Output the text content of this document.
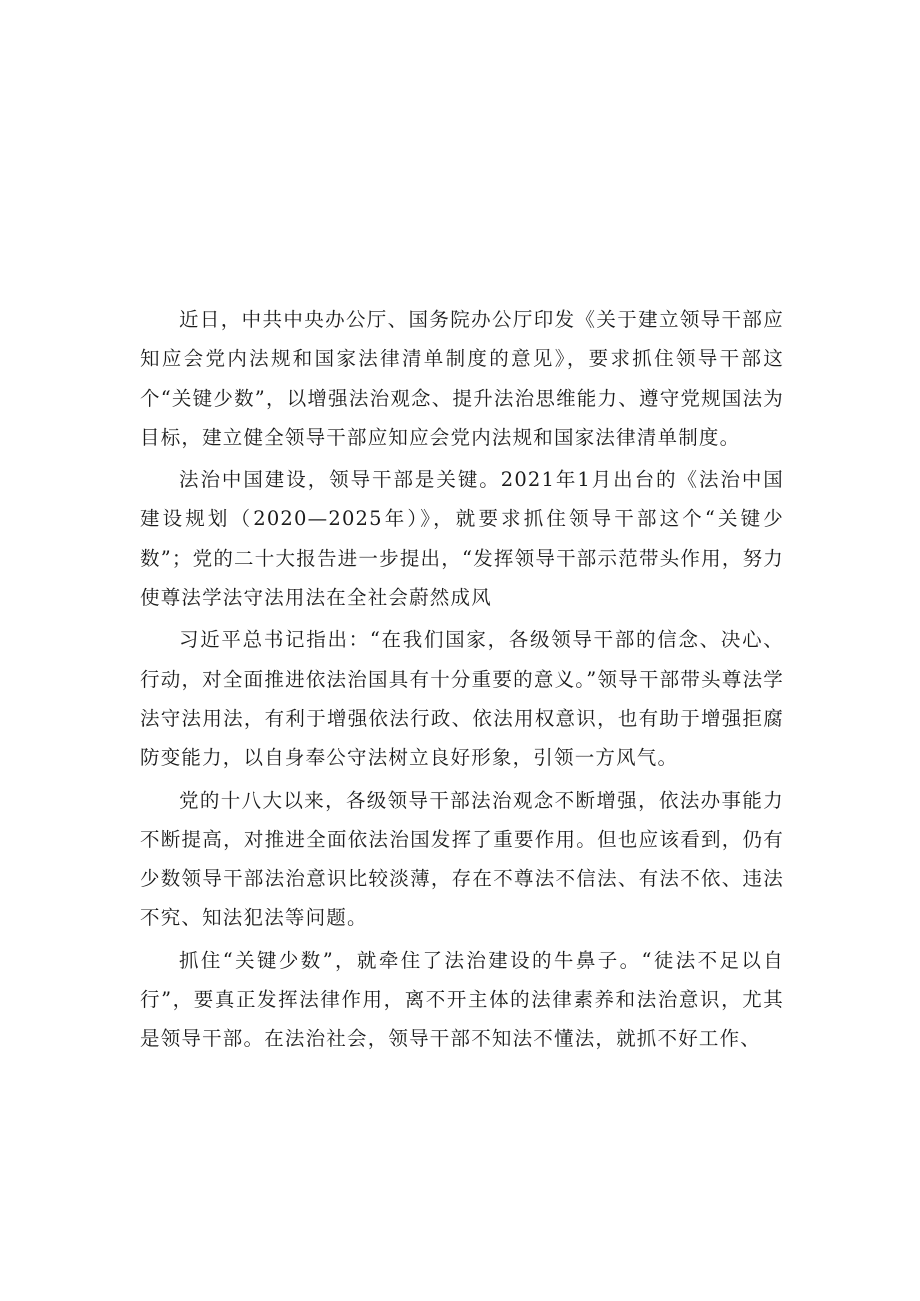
近日，中共中央办公厅、国务院办公厅印发《关于建立领导干部应知应会党内法规和国家法律清单制度的意见》，要求抓住领导干部这个“关键少数”，以增强法治观念、提升法治思维能力、遵守党规国法为目标，建立健全领导干部应知应会党内法规和国家法律清单制度。

法治中国建设，领导干部是关键。2021年1月出台的《法治中国建设规划（2020—2025年）》，就要求抓住领导干部这个“关键少数”；党的二十大报告进一步提出，“发挥领导干部示范带头作用，努力使尊法学法守法用法在全社会蔚然成风

习近平总书记指出：“在我们国家，各级领导干部的信念、决心、行动，对全面推进依法治国具有十分重要的意义。”领导干部带头尊法学法守法用法，有利于增强依法行政、依法用权意识，也有助于增强拒腐防变能力，以自身奉公守法树立良好形象，引领一方风气。

党的十八大以来，各级领导干部法治观念不断增强，依法办事能力不断提高，对推进全面依法治国发挥了重要作用。但也应该看到，仍有少数领导干部法治意识比较淡薄，存在不尊法不信法、有法不依、违法不究、知法犯法等问题。

抓住“关键少数”，就牵住了法治建设的牛鼻子。“徒法不足以自行”，要真正发挥法律作用，离不开主体的法律素养和法治意识，尤其是领导干部。在法治社会，领导干部不知法不懂法，就抓不好工作、
